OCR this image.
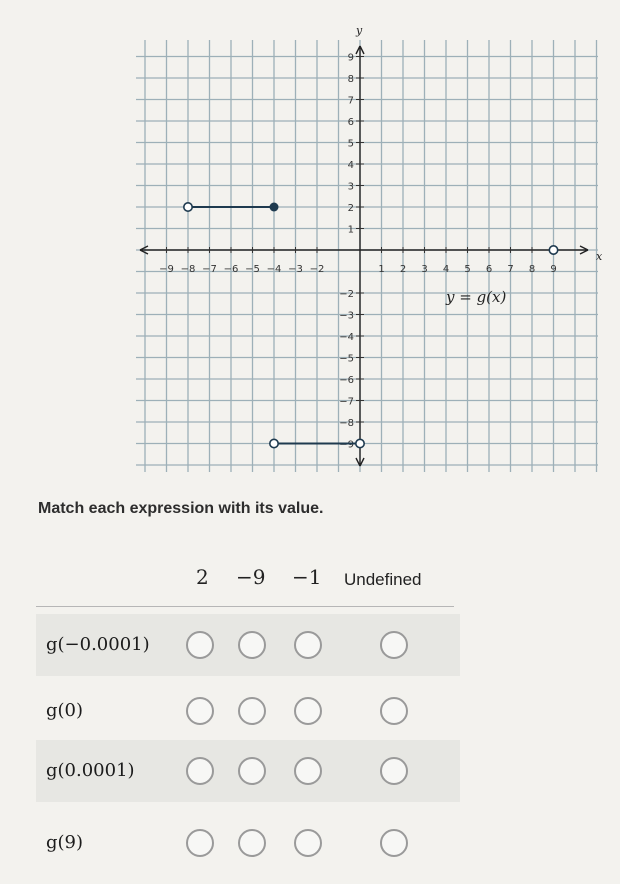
−9 −8 −7 −6 −5 −4 −3 −2	1 2 3 4 5 6 7 8 9
9
8
7
6
5
4
3
2
1
−2
−3
−4
−5
−6
−7
−8
−9
y
x
y = g(x)
Match each expression with its value.
2 −9 −1 Undefined
g(−0.0001)
g(0)
g(0.0001)
g(9)
